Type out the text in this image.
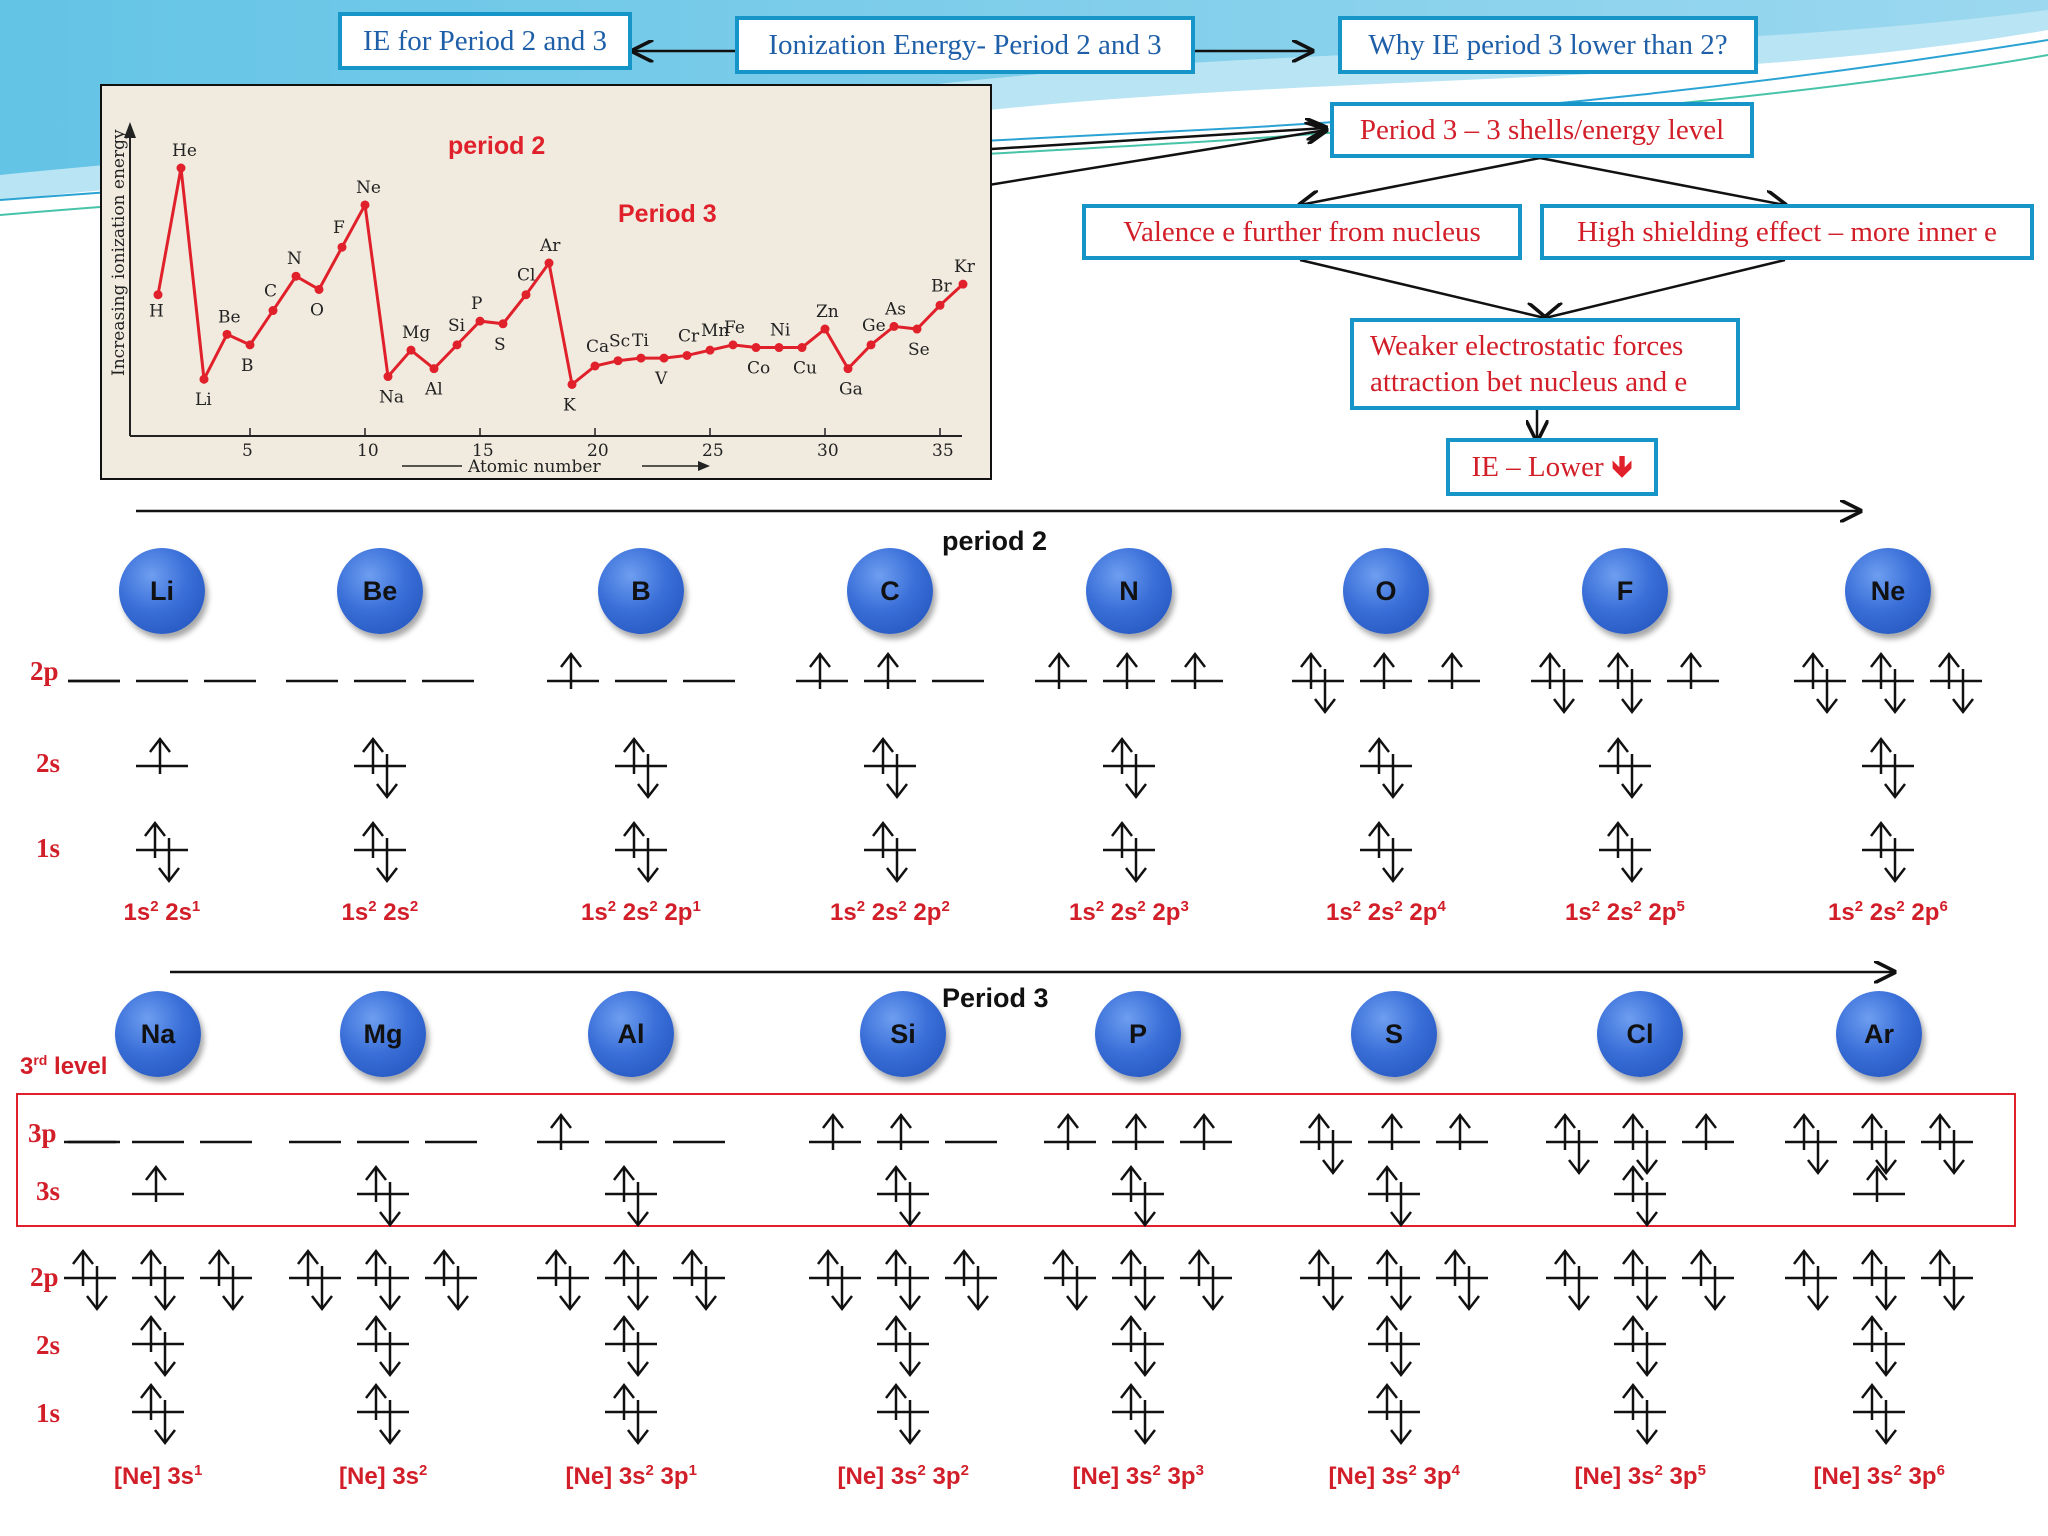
IE for Period 2 and 3	Ionization Energy- Period 2 and 3	Why IE period 3 lower than 2?
Period 3 – 3 shells/energy level
Valence e further from nucleus	High shielding effect – more inner e
Weaker electrostatic forces
attraction bet nucleus and e
IE – Lower 🡻
Increasing ionization energy
5	10	15	20	25	30	35
Atomic number
H
He
Li
Be
B
C
N
O
F
Ne
Na
Mg
Al
Si
P
S
Cl
Ar
K
Ca Sc Ti
V
Cr Mn
Fe
Co
Ni
Cu
Zn
Ga
Ge
As
Se
Br
Kr
period 2
Period 3
period 2
Period 3
2p
2s
1s
3rd level
3p
3s
2p
2s
1s
Li
$1s^2$ $2s^1$
Be
$1s^2$ $2s^2$
B
$1s^2$ $2s^2$ $2p^1$
C
$1s^2$ $2s^2$ $2p^2$
N
$1s^2$ $2s^2$ $2p^3$
O
$1s^2$ $2s^2$ $2p^4$
F
$1s^2$ $2s^2$ $2p^5$
Ne
$1s^2$ $2s^2$ $2p^6$
Na
[Ne] $3s^1$
Mg
[Ne] $3s^2$
Al
[Ne] $3s^2$ $3p^1$
Si
[Ne] $3s^2$ $3p^2$
P
[Ne] $3s^2$ $3p^3$
S
[Ne] $3s^2$ $3p^4$
Cl
[Ne] $3s^2$ $3p^5$
Ar
[Ne] $3s^2$ $3p^6$
